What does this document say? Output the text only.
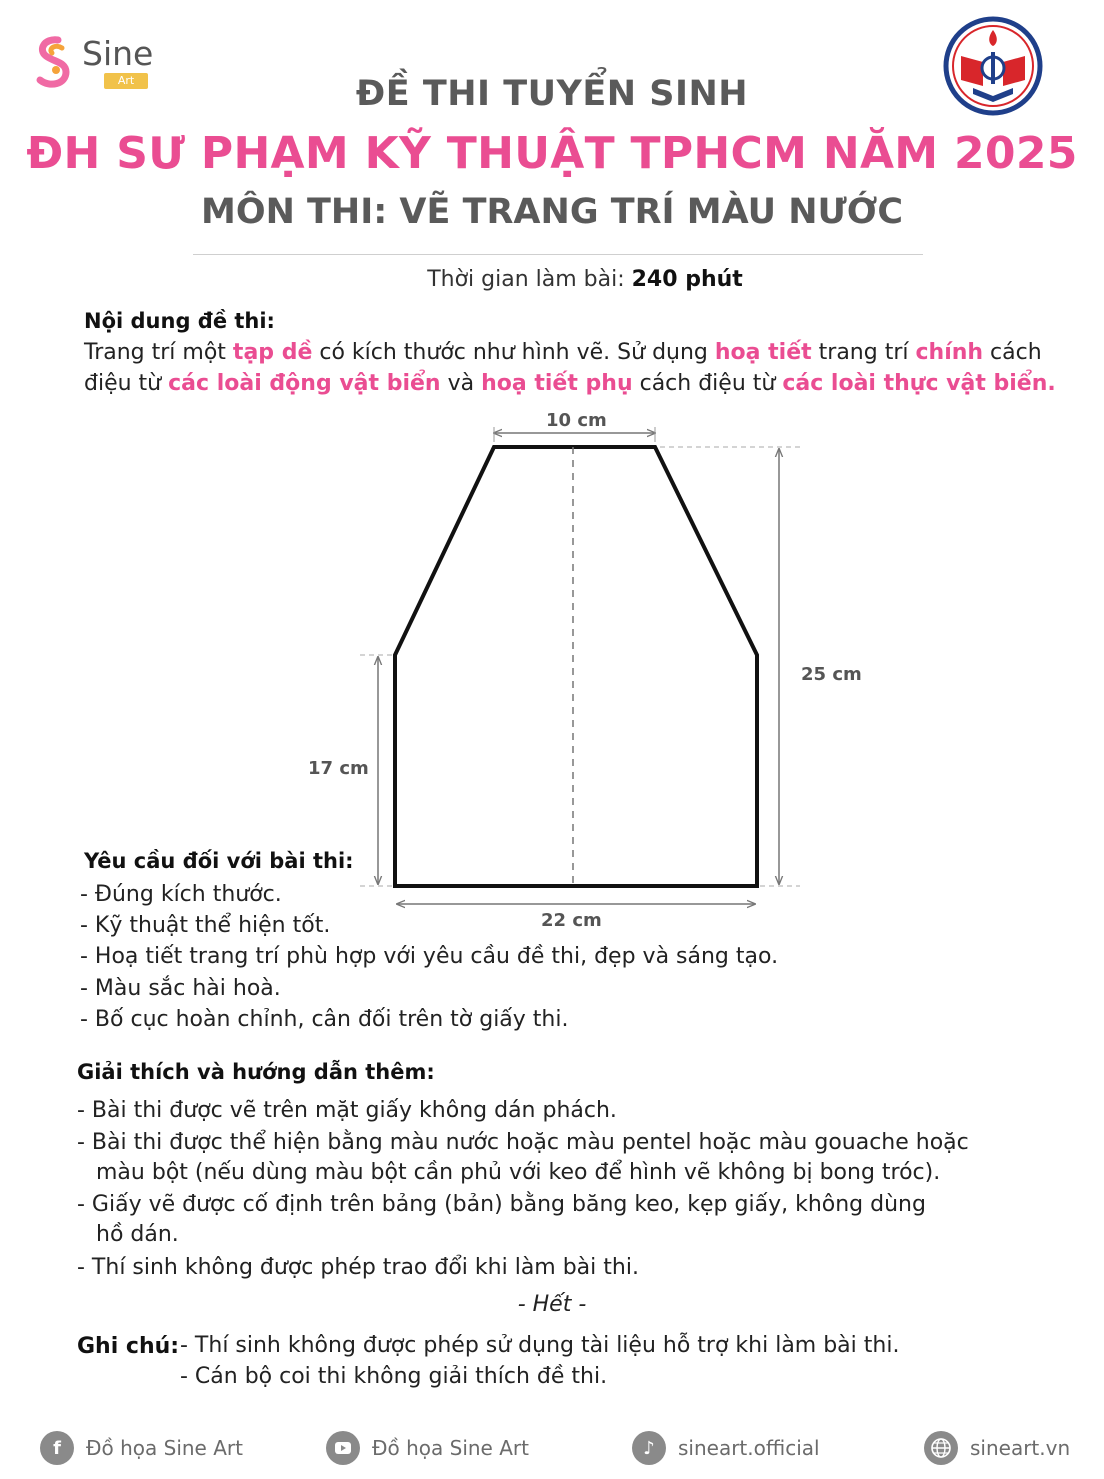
Sine
Art	ĐỀ THI TUYỂN SINH
ĐH SƯ PHẠM KỸ THUẬT TPHCM NĂM 2025
MÔN THI: VẼ TRANG TRÍ MÀU NƯỚC
Thời gian làm bài: 240 phút
Nội dung đề thi:
Trang trí một tạp dề có kích thước như hình vẽ. Sử dụng hoạ tiết trang trí chính cách điệu từ các loài động vật biển và hoạ tiết phụ cách điệu từ các loài thực vật biển.
10 cm
25 cm
17 cm
22 cm
Yêu cầu đối với bài thi:
- Đúng kích thước.
- Kỹ thuật thể hiện tốt.
- Hoạ tiết trang trí phù hợp với yêu cầu đề thi, đẹp và sáng tạo.
- Màu sắc hài hoà.
- Bố cục hoàn chỉnh, cân đối trên tờ giấy thi.
Giải thích và hướng dẫn thêm:
- Bài thi được vẽ trên mặt giấy không dán phách.
- Bài thi được thể hiện bằng màu nước hoặc màu pentel hoặc màu gouache hoặc
màu bột (nếu dùng màu bột cần phủ với keo để hình vẽ không bị bong tróc).
- Giấy vẽ được cố định trên bảng (bản) bằng băng keo, kẹp giấy, không dùng
hồ dán.
- Thí sinh không được phép trao đổi khi làm bài thi.
- Hết -
Ghi chú: - Thí sinh không được phép sử dụng tài liệu hỗ trợ khi làm bài thi.
- Cán bộ coi thi không giải thích đề thi.
f	Đồ họa Sine Art	Đồ họa Sine Art	♪	sineart.official	sineart.vn
